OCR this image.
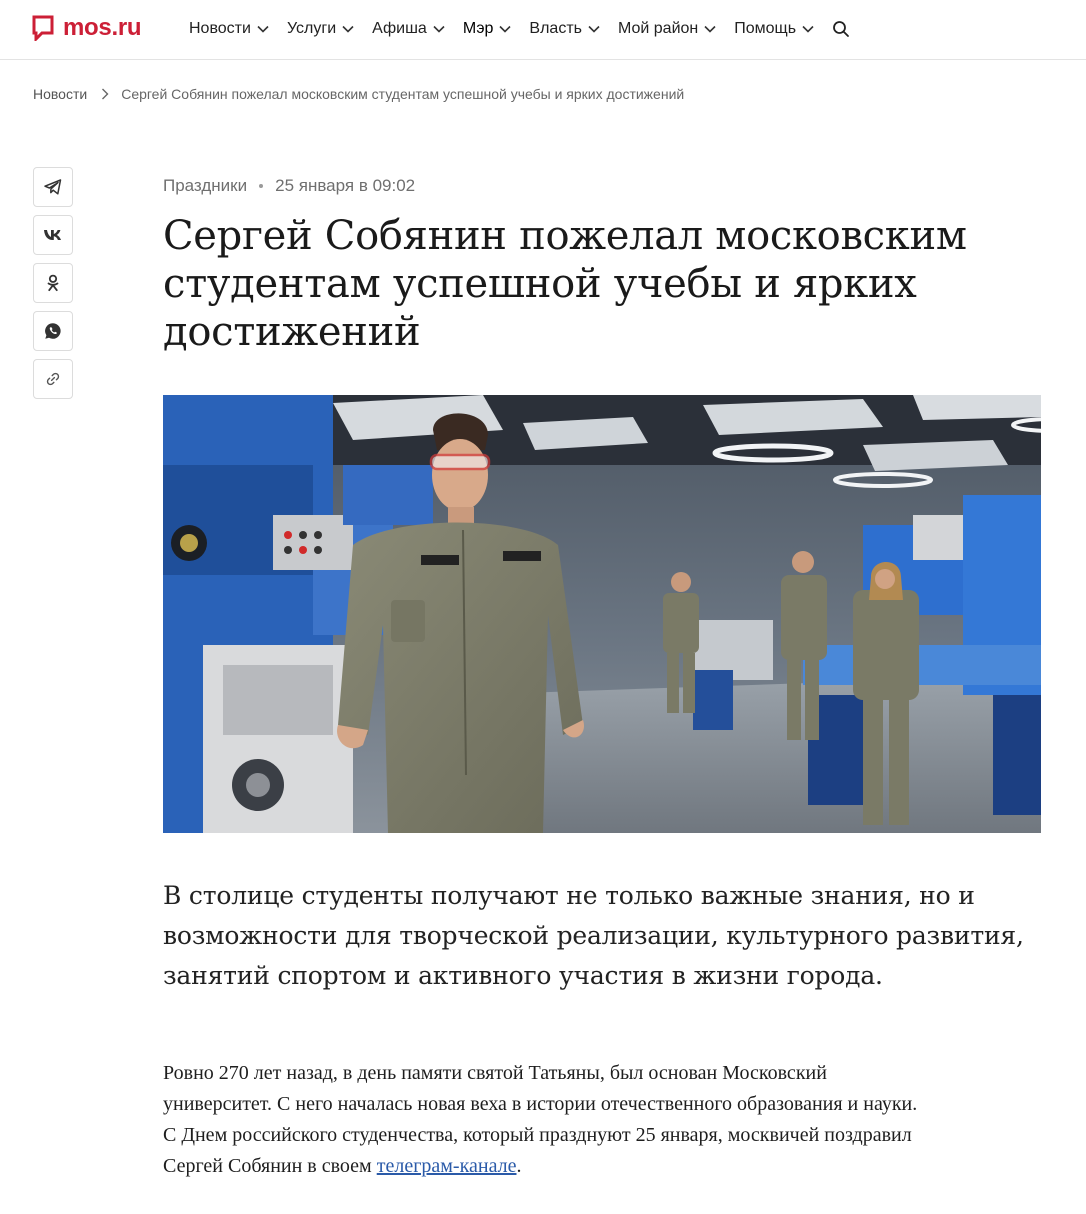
mos.ru	Новости Услуги Афиша Мэр Власть Мой район Помощь
Новости Сергей Собянин пожелал московским студентам успешной учебы и ярких достижений
Праздники 25 января в 09:02
Сергей Собянин пожелал московским студентам успешной учебы и ярких достижений

В столице студенты получают не только важные знания, но и возможности для творческой реализации, культурного развития, занятий спортом и активного участия в жизни города.

Ровно 270 лет назад, в день памяти святой Татьяны, был основан Московский университет. С него началась новая веха в истории отечественного образования и науки. С Днем российского студенчества, который празднуют 25 января, москвичей поздравил Сергей Собянин в своем телеграм-канале.
